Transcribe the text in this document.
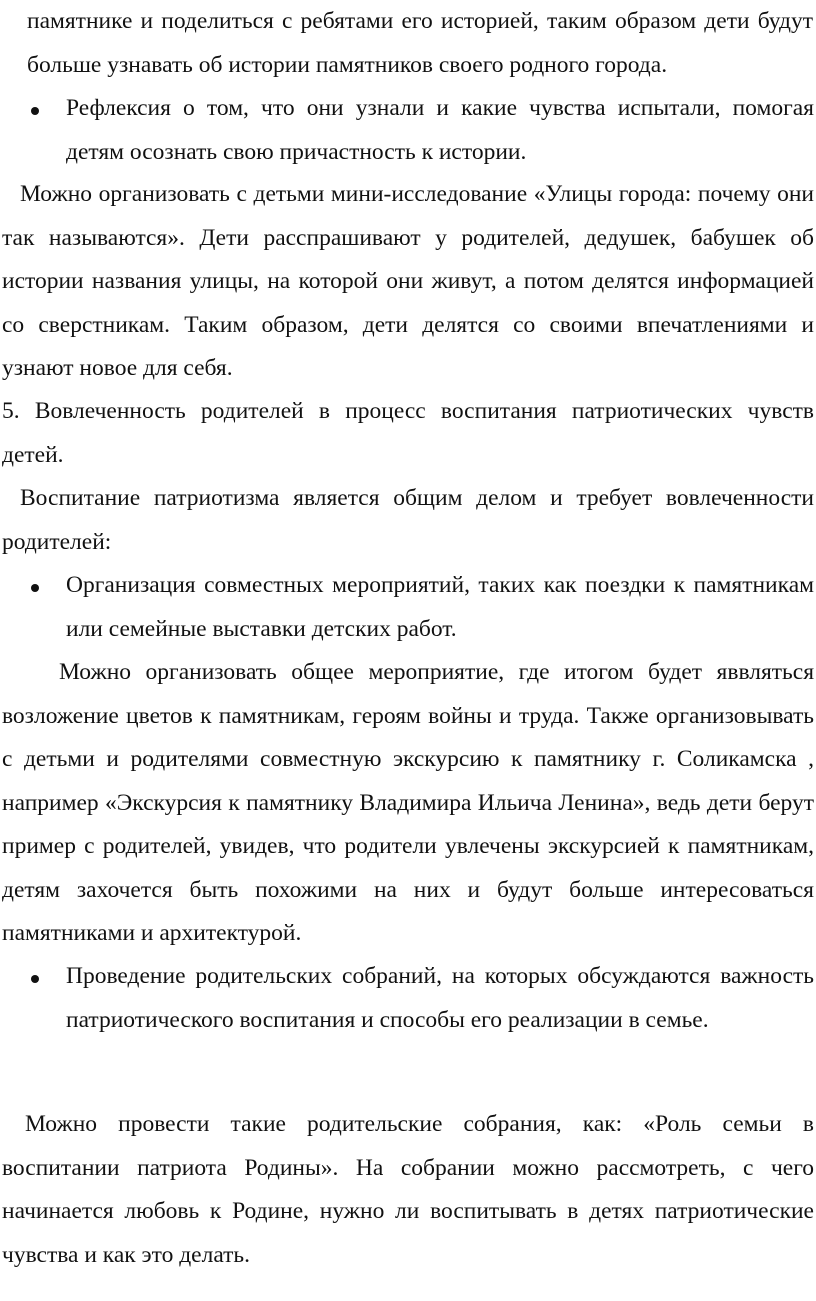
памятнике и поделиться с ребятами его историей, таким образом дети будут больше узнавать об истории памятников своего родного города.

Рефлексия о том, что они узнали и какие чувства испытали, помогая детям осознать свою причастность к истории.

Можно организовать с детьми мини-исследование «Улицы города: почему они так называются». Дети расспрашивают у родителей, дедушек, бабушек об истории названия улицы, на которой они живут, а потом делятся информацией со сверстникам. Таким образом, дети делятся со своими впечатлениями и узнают новое для себя.

5. Вовлеченность родителей в процесс воспитания патриотических чувств детей.

Воспитание патриотизма является общим делом и требует вовлеченности родителей:

Организация совместных мероприятий, таких как поездки к памятникам или семейные выставки детских работ.

Можно организовать общее мероприятие, где итогом будет яввляться возложение цветов к памятникам, героям войны и труда. Также организовывать с детьми и родителями совместную экскурсию к памятнику г. Соликамска , например «Экскурсия к памятнику Владимира Ильича Ленина», ведь дети берут пример с родителей, увидев, что родители увлечены экскурсией к памятникам, детям захочется быть похожими на них и будут больше интересоваться памятниками и архитектурой.

Проведение родительских собраний, на которых обсуждаются важность патриотического воспитания и способы его реализации в семье.

Можно провести такие родительские собрания, как: «Роль семьи в воспитании патриота Родины». На собрании можно рассмотреть, с чего начинается любовь к Родине, нужно ли воспитывать в детях патриотические чувства и как это делать.
